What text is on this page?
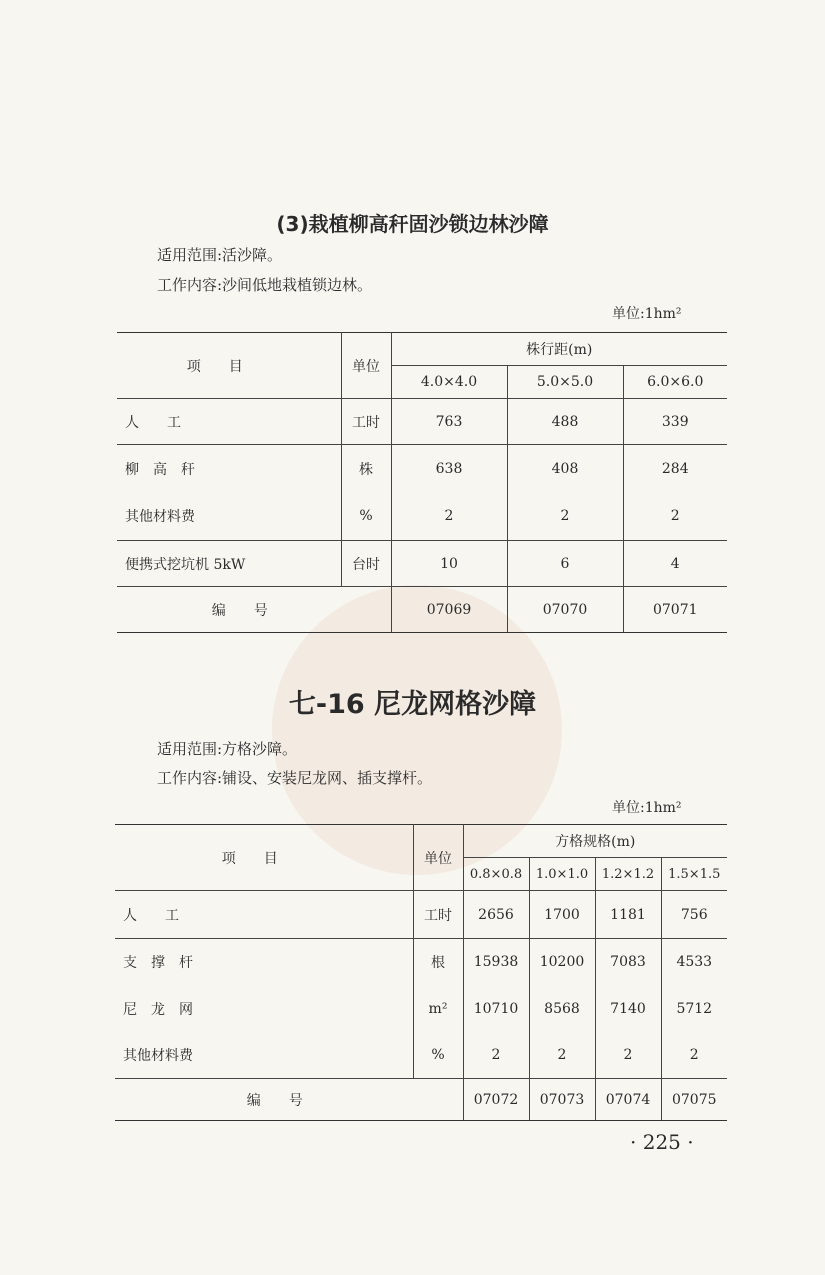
(3)栽植柳高秆固沙锁边林沙障
适用范围:活沙障。
工作内容:沙间低地栽植锁边林。
单位:1hm²
项目	单位	株行距(m)		
		4.0×4.0	5.0×5.0	6.0×6.0
人工	工时	763	488	339
柳高秆	株	638	408	284
其他材料费	%	2	2	2
便携式挖坑机 5kW	台时	10	6	4
编号		07069	07070	07071
七-16 尼龙网格沙障
适用范围:方格沙障。
工作内容:铺设、安装尼龙网、插支撑杆。
单位:1hm²
项目	单位	方格规格(m)			
		0.8×0.8	1.0×1.0	1.2×1.2	1.5×1.5
人工	工时	2656	1700	1181	756
支撑杆	根	15938	10200	7083	4533
尼龙网	m²	10710	8568	7140	5712
其他材料费	%	2	2	2	2
编号		07072	07073	07074	07075
· 225 ·
